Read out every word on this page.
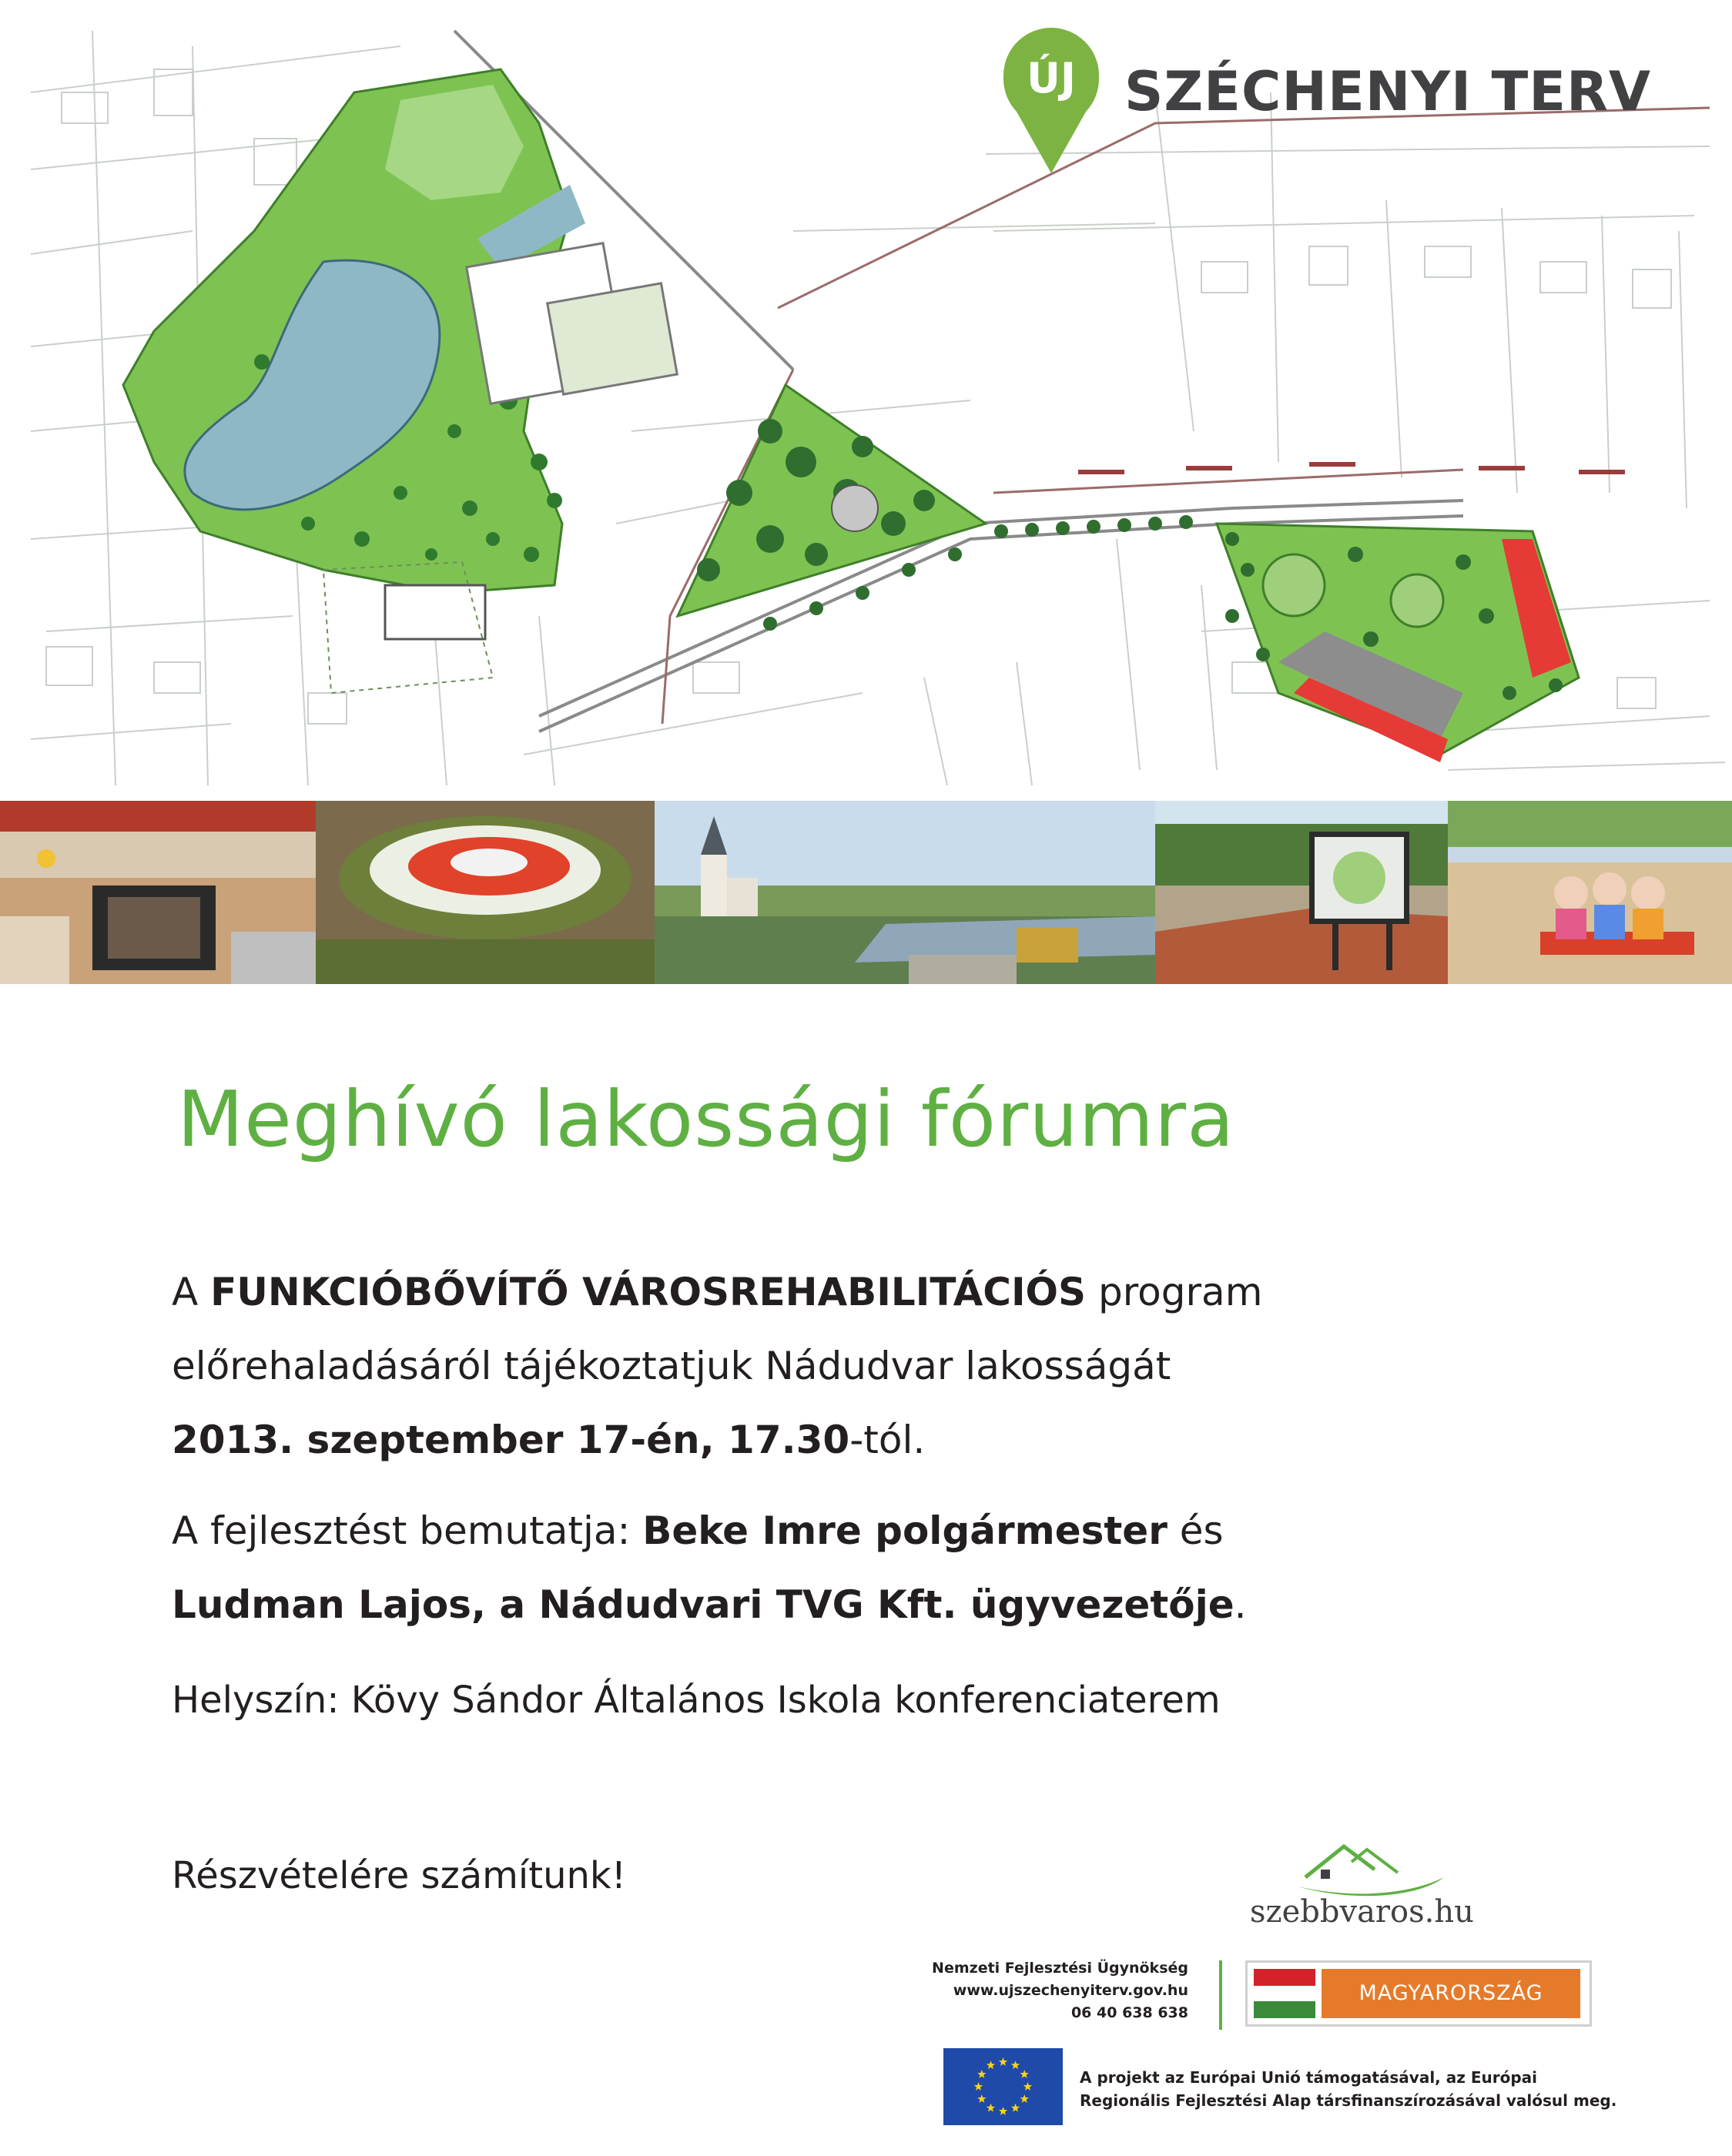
ÚJ SZÉCHENYI TERV
Meghívó lakossági fórumra
A FUNKCIÓBŐVÍTŐ VÁROSREHABILITÁCIÓS program
előrehaladásáról tájékoztatjuk Nádudvar lakosságát
2013. szeptember 17-én, 17.30-tól.
A fejlesztést bemutatja: Beke Imre polgármester és
Ludman Lajos, a Nádudvari TVG Kft. ügyvezetője.
Helyszín: Kövy Sándor Általános Iskola konferenciaterem
Részvételére számítunk!
szebbvaros.hu
Nemzeti Fejlesztési Ügynökség
www.ujszechenyiterv.gov.hu
06 40 638 638
MAGYARORSZÁG MEGÚJUL
A projekt az Európai Unió támogatásával, az Európai
Regionális Fejlesztési Alap társfinanszírozásával valósul meg.
